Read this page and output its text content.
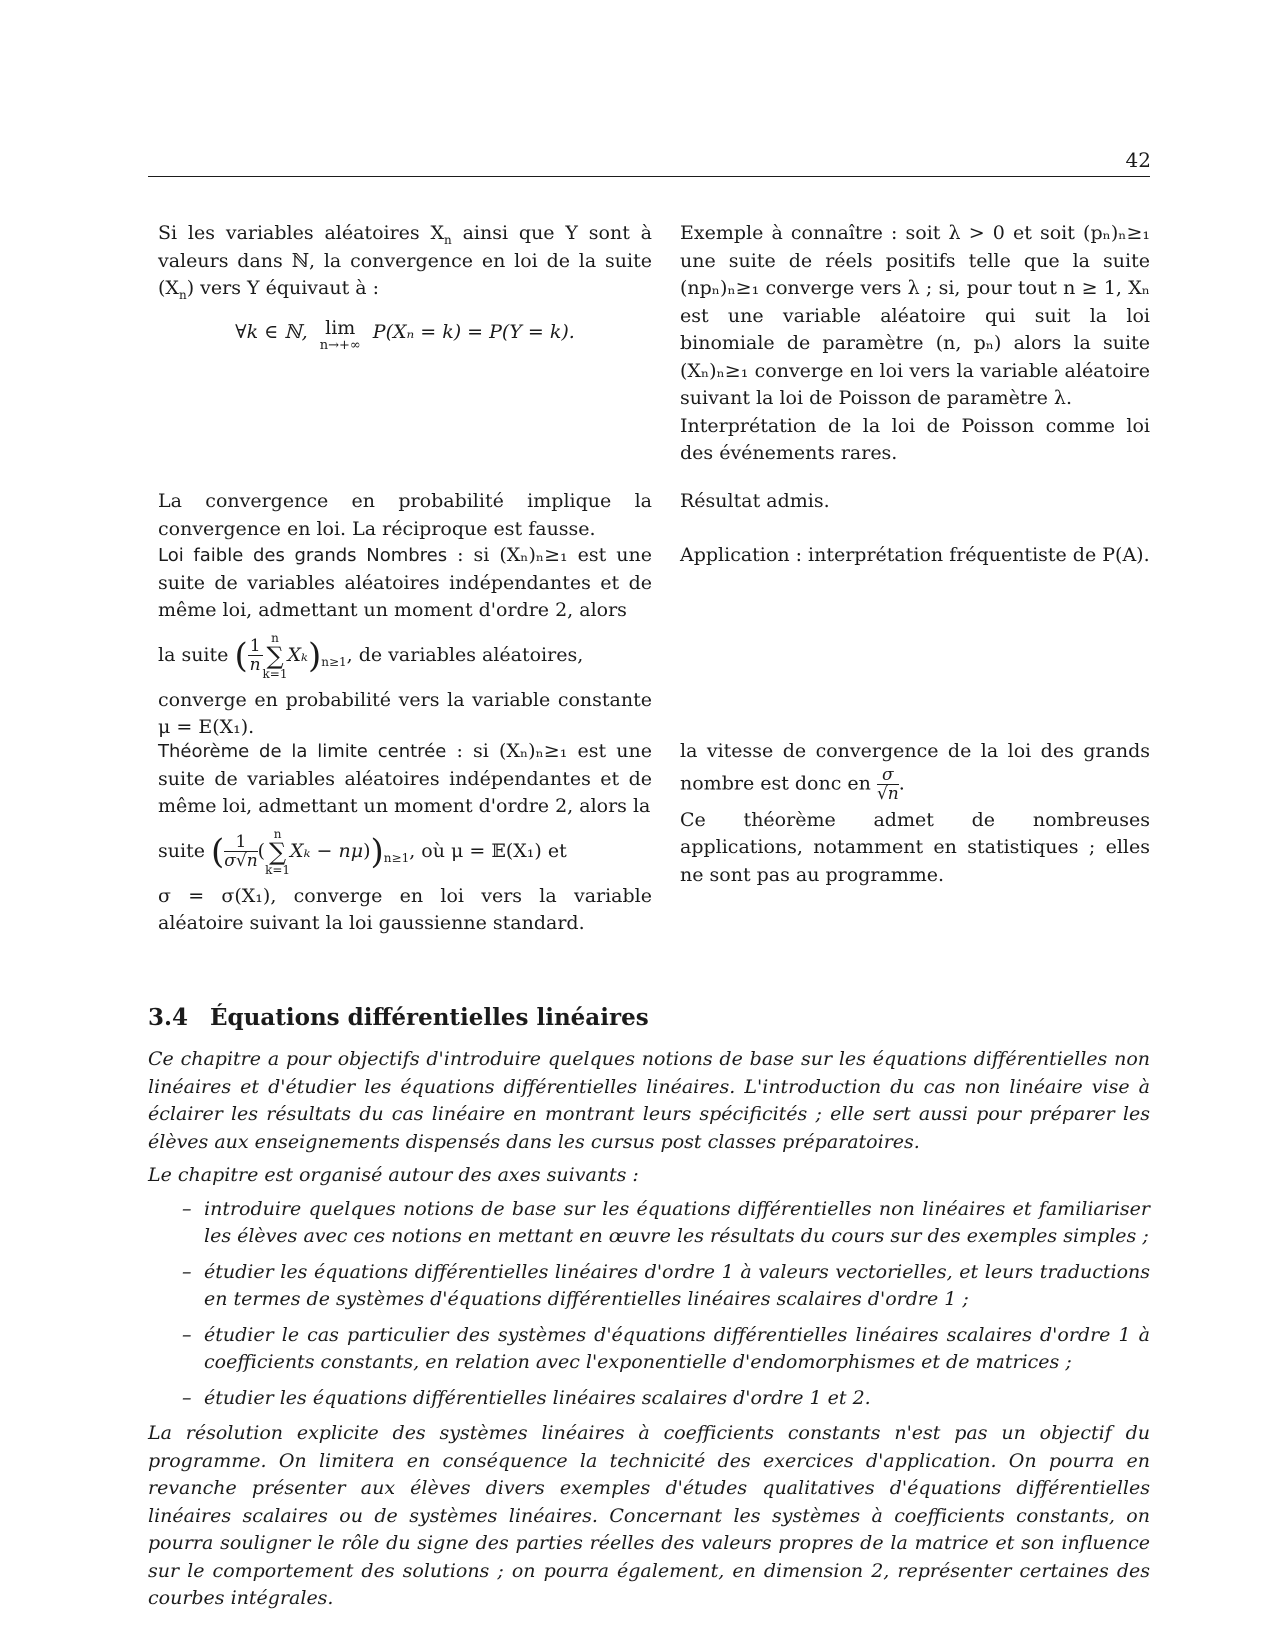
42

Si les variables aléatoires $X_n$ ainsi que Y sont à valeurs dans ℕ, la convergence en loi de la suite $(X_n)$ vers Y équivaut à :

∀k ∈ ℕ, lim
n→+∞
P(Xₙ = k) = P(Y = k).

Exemple à connaître : soit λ > 0 et soit (pₙ)ₙ≥₁ une suite de réels positifs telle que la suite (npₙ)ₙ≥₁ converge vers λ ; si, pour tout n ≥ 1, Xₙ est une variable aléatoire qui suit la loi binomiale de paramètre (n, pₙ) alors la suite (Xₙ)ₙ≥₁ converge en loi vers la variable aléatoire suivant la loi de Poisson de paramètre λ.

Interprétation de la loi de Poisson comme loi des événements rares.

La convergence en probabilité implique la convergence en loi. La réciproque est fausse.

Résultat admis.

Loi faible des grands Nombres : si (Xₙ)ₙ≥₁ est une suite de variables aléatoires indépendantes et de même loi, admettant un moment d'ordre 2, alors

la suite ( $\frac{1}{n}$ n
∑
$k=1X_k)_{n\ge 1}$, de variables aléatoires,

converge en probabilité vers la variable constante μ = E(X₁).

Application : interprétation fréquentiste de P(A).

Théorème de la limite centrée : si (Xₙ)ₙ≥₁ est une suite de variables aléatoires indépendantes et de même loi, admettant un moment d'ordre 2, alors la

suite ( $\frac{1}{\sigma√n} (n$
∑
$k=1X_k - n\mu))_{n\ge 1}$, où μ = 𝔼(X₁) et

σ = σ(X₁), converge en loi vers la variable aléatoire suivant la loi gaussienne standard.

la vitesse de convergence de la loi des grands nombre est donc en $\frac{\sigma}{√n}$ .

Ce théorème admet de nombreuses applications, notamment en statistiques ; elles ne sont pas au programme.

3.4 Équations différentielles linéaires

Ce chapitre a pour objectifs d'introduire quelques notions de base sur les équations différentielles non linéaires et d'étudier les équations différentielles linéaires. L'introduction du cas non linéaire vise à éclairer les résultats du cas linéaire en montrant leurs spécificités ; elle sert aussi pour préparer les élèves aux enseignements dispensés dans les cursus post classes préparatoires.

Le chapitre est organisé autour des axes suivants :

– introduire quelques notions de base sur les équations différentielles non linéaires et familiariser les élèves avec ces notions en mettant en œuvre les résultats du cours sur des exemples simples ;
– étudier les équations différentielles linéaires d'ordre 1 à valeurs vectorielles, et leurs traductions en termes de systèmes d'équations différentielles linéaires scalaires d'ordre 1 ;
– étudier le cas particulier des systèmes d'équations différentielles linéaires scalaires d'ordre 1 à coefficients constants, en relation avec l'exponentielle d'endomorphismes et de matrices ;
– étudier les équations différentielles linéaires scalaires d'ordre 1 et 2.

La résolution explicite des systèmes linéaires à coefficients constants n'est pas un objectif du programme. On limitera en conséquence la technicité des exercices d'application. On pourra en revanche présenter aux élèves divers exemples d'études qualitatives d'équations différentielles linéaires scalaires ou de systèmes linéaires. Concernant les systèmes à coefficients constants, on pourra souligner le rôle du signe des parties réelles des valeurs propres de la matrice et son influence sur le comportement des solutions ; on pourra également, en dimension 2, représenter certaines des courbes intégrales.
